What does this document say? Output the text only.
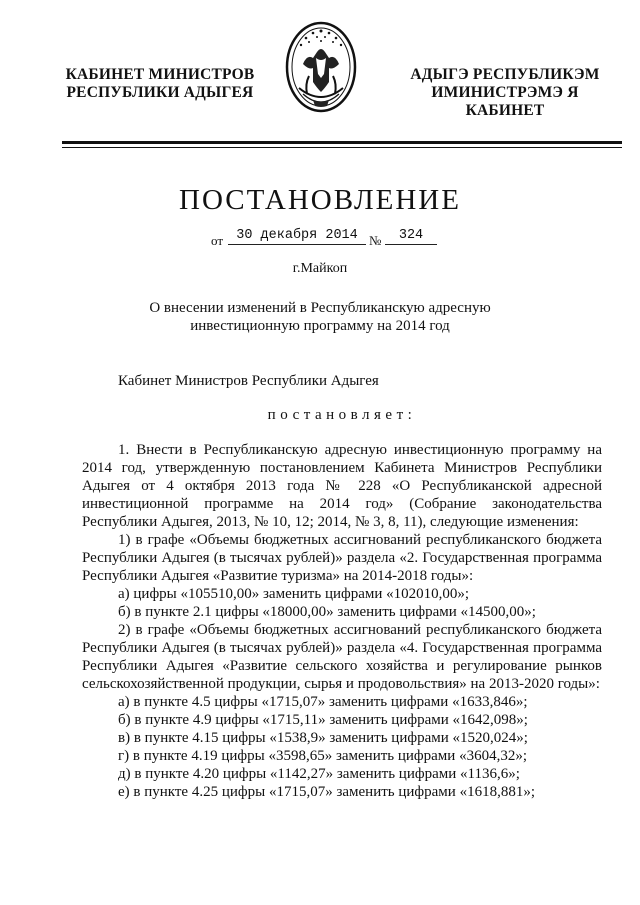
КАБИНЕТ МИНИСТРОВ
РЕСПУБЛИКИ АДЫГЕЯ
АДЫГЭ РЕСПУБЛИКЭМ
ИМИНИСТРЭМЭ Я КАБИНЕТ
ПОСТАНОВЛЕНИЕ
от 30 декабря 2014 №	324
г.Майкоп
О внесении изменений в Республиканскую адресную
инвестиционную программу на 2014 год
Кабинет Министров Республики Адыгея
постановляет:

1. Внести в Республиканскую адресную инвестиционную программу на 2014 год, утвержденную постановлением Кабинета Министров Республики Адыгея от 4 октября 2013 года № 228 «О Республиканской адресной инвестиционной программе на 2014 год» (Собрание законодательства Республики Адыгея, 2013, № 10, 12; 2014, № 3, 8, 11), следующие изменения:

1) в графе «Объемы бюджетных ассигнований республиканского бюджета Республики Адыгея (в тысячах рублей)» раздела «2. Государственная программа Республики Адыгея «Развитие туризма» на 2014-2018 годы»:

а) цифры «105510,00» заменить цифрами «102010,00»;
б) в пункте 2.1 цифры «18000,00» заменить цифрами «14500,00»;

2) в графе «Объемы бюджетных ассигнований республиканского бюджета Республики Адыгея (в тысячах рублей)» раздела «4. Государственная программа Республики Адыгея «Развитие сельского хозяйства и регулирование рынков сельскохозяйственной продукции, сырья и продовольствия» на 2013-2020 годы»:

а) в пункте 4.5 цифры «1715,07» заменить цифрами «1633,846»;
б) в пункте 4.9 цифры «1715,11» заменить цифрами «1642,098»;
в) в пункте 4.15 цифры «1538,9» заменить цифрами «1520,024»;
г) в пункте 4.19 цифры «3598,65» заменить цифрами «3604,32»;
д) в пункте 4.20 цифры «1142,27» заменить цифрами «1136,6»;
е) в пункте 4.25 цифры «1715,07» заменить цифрами «1618,881»;
